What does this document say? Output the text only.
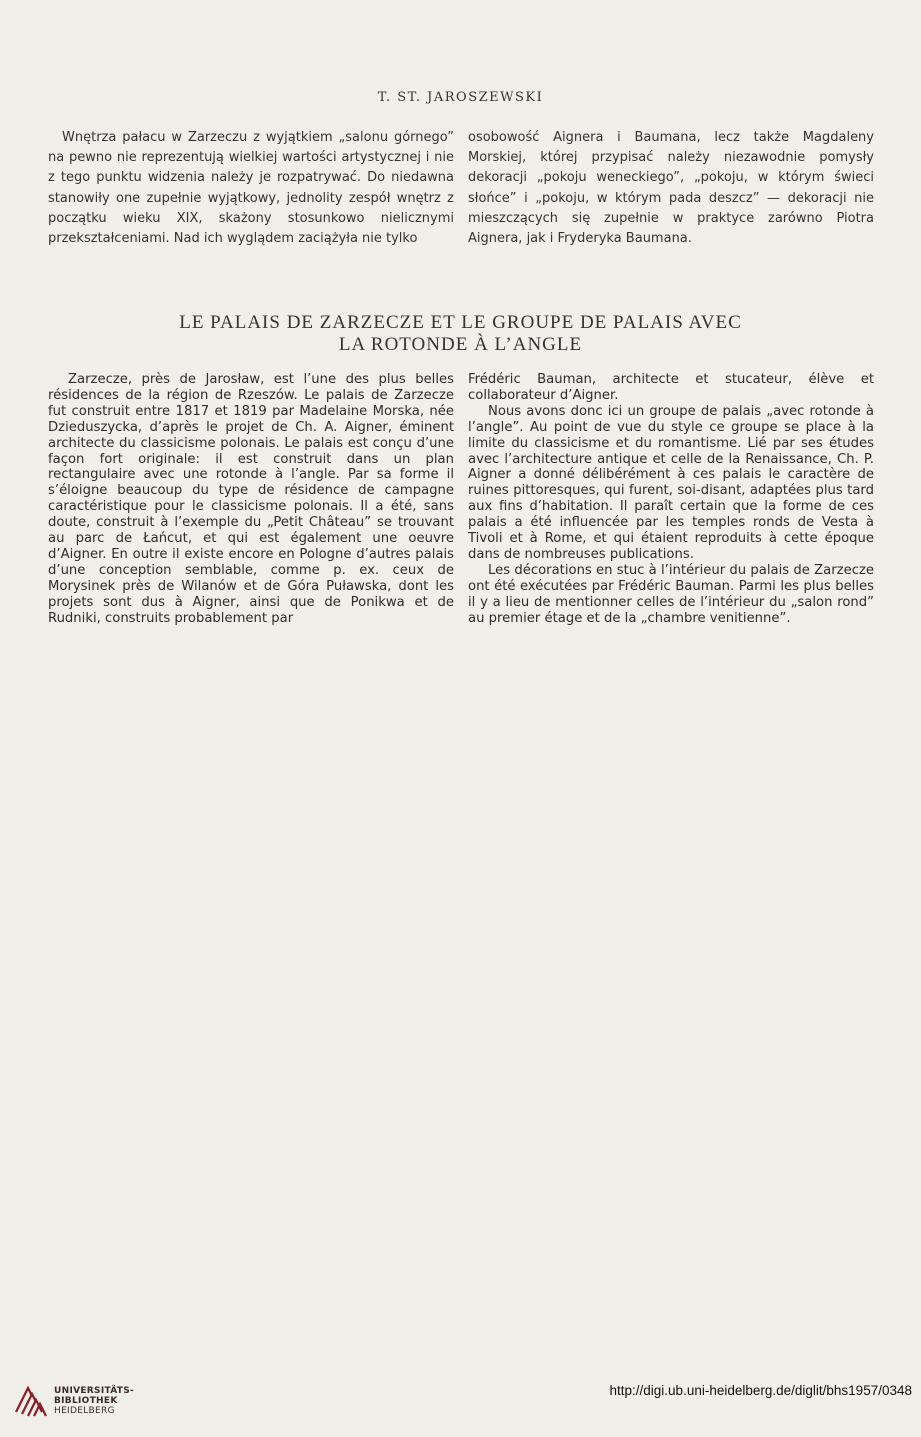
T. ST. JAROSZEWSKI

Wnętrza pałacu w Zarzeczu z wyjątkiem „salonu górnego” na pewno nie reprezentują wielkiej wartości artystycznej i nie z tego punktu widzenia należy je rozpatrywać. Do niedawna stanowiły one zupełnie wyjątkowy, jednolity zespół wnętrz z początku wieku XIX, skażony stosunkowo nielicznymi przekształceniami. Nad ich wyglądem zaciążyła nie tylko

osobowość Aignera i Baumana, lecz także Magdaleny Morskiej, której przypisać należy niezawodnie pomysły dekoracji „pokoju weneckiego”, „pokoju, w którym świeci słońce” i „pokoju, w którym pada deszcz” — dekoracji nie mieszczących się zupełnie w praktyce zarówno Piotra Aignera, jak i Fryderyka Baumana.

LE PALAIS DE ZARZECZE ET LE GROUPE DE PALAIS AVEC
LA ROTONDE À L’ANGLE

Zarzecze, près de Jarosław, est l’une des plus belles résidences de la région de Rzeszów. Le palais de Zarzecze fut construit entre 1817 et 1819 par Madelaine Morska, née Dzieduszycka, d’après le projet de Ch. A. Aigner, éminent architecte du classicisme polonais. Le palais est conçu d’une façon fort originale: il est construit dans un plan rectangulaire avec une rotonde à l’angle. Par sa forme il s’éloigne beaucoup du type de résidence de campagne caractéristique pour le classicisme polonais. Il a été, sans doute, construit à l’exemple du „Petit Château” se trouvant au parc de Łańcut, et qui est également une oeuvre d’Aigner. En outre il existe encore en Pologne d’autres palais d’une conception semblable, comme p. ex. ceux de Morysinek près de Wilanów et de Góra Puławska, dont les projets sont dus à Aigner, ainsi que de Ponikwa et de Rudniki, construits probablement par

Frédéric Bauman, architecte et stucateur, élève et collaborateur d’Aigner.

Nous avons donc ici un groupe de palais „avec rotonde à l’angle”. Au point de vue du style ce groupe se place à la limite du classicisme et du romantisme. Lié par ses études avec l’architecture antique et celle de la Renaissance, Ch. P. Aigner a donné délibérément à ces palais le caractère de ruines pittoresques, qui furent, soi-disant, adaptées plus tard aux fins d’habitation. Il paraît certain que la forme de ces palais a été influencée par les temples ronds de Vesta à Tivoli et à Rome, et qui étaient reproduits à cette époque dans de nombreuses publications.

Les décorations en stuc à l’intérieur du palais de Zarzecze ont été exécutées par Frédéric Bauman. Parmi les plus belles il y a lieu de mentionner celles de l’intérieur du „salon rond” au premier étage et de la „chambre venitienne”.

UNIVERSITÄTS-
BIBLIOTHEK
HEIDELBERG
http://digi.ub.uni-heidelberg.de/diglit/bhs1957/0348
